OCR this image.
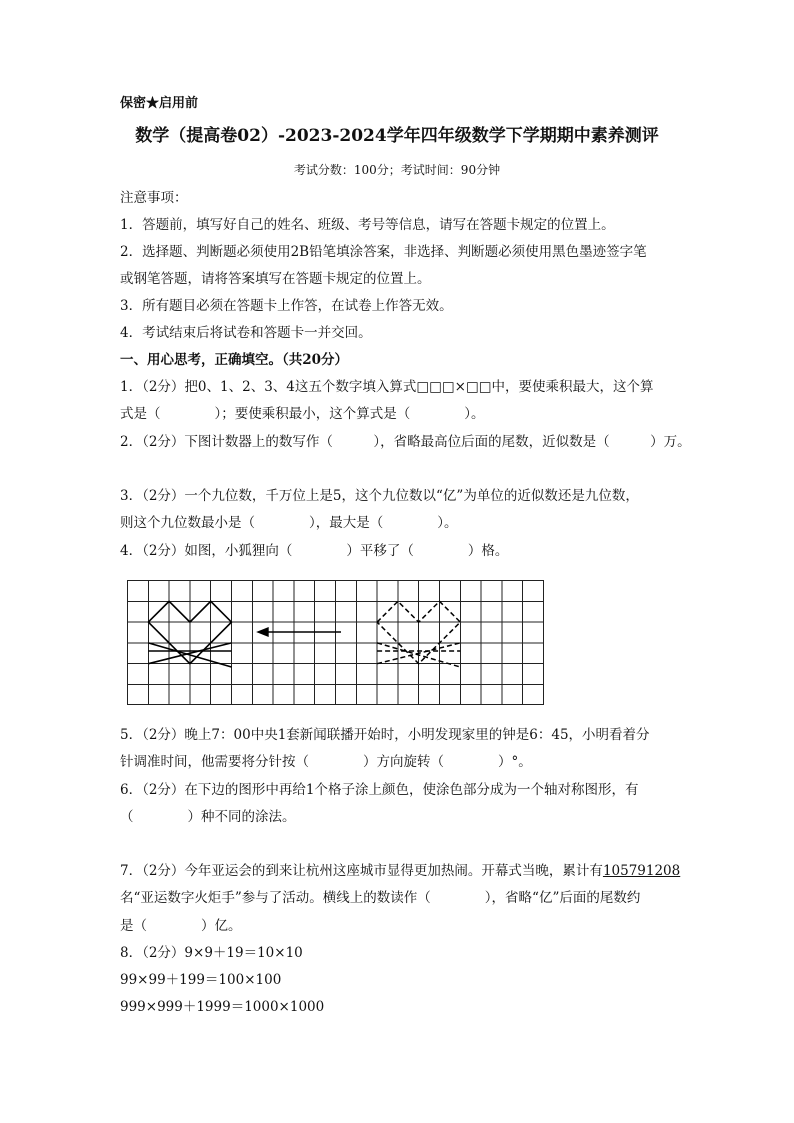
保密★启用前
数学（提高卷02）-2023-2024学年四年级数学下学期期中素养测评
考试分数：100分；考试时间：90分钟
注意事项：
1．答题前，填写好自己的姓名、班级、考号等信息，请写在答题卡规定的位置上。
2．选择题、判断题必须使用2B铅笔填涂答案，非选择、判断题必须使用黑色墨迹签字笔
或钢笔答题，请将答案填写在答题卡规定的位置上。
3．所有题目必须在答题卡上作答，在试卷上作答无效。
4．考试结束后将试卷和答题卡一并交回。
一、用心思考，正确填空。（共20分）
1．（2分）把0、1、2、3、4这五个数字填入算式□□□×□□中，要使乘积最大，这个算
式是（　　　　）；要使乘积最小，这个算式是（　　　　）。
2．（2分）下图计数器上的数写作（　　　），省略最高位后面的尾数，近似数是（　　　）万。
3．（2分）一个九位数，千万位上是5，这个九位数以“亿”为单位的近似数还是九位数，
则这个九位数最小是（　　　　），最大是（　　　　）。
4．（2分）如图，小狐狸向（　　　　）平移了（　　　　）格。
5．（2分）晚上7：00中央1套新闻联播开始时，小明发现家里的钟是6：45，小明看着分
针调准时间，他需要将分针按（　　　　）方向旋转（　　　　）°。
6．（2分）在下边的图形中再给1个格子涂上颜色，使涂色部分成为一个轴对称图形，有
（　　　　）种不同的涂法。
7．（2分）今年亚运会的到来让杭州这座城市显得更加热闹。开幕式当晚，累计有105791208
名“亚运数字火炬手”参与了活动。横线上的数读作（　　　　），省略“亿”后面的尾数约
是（　　　　）亿。
8．（2分）9×9＋19＝10×10
99×99＋199＝100×100
999×999＋1999＝1000×1000
